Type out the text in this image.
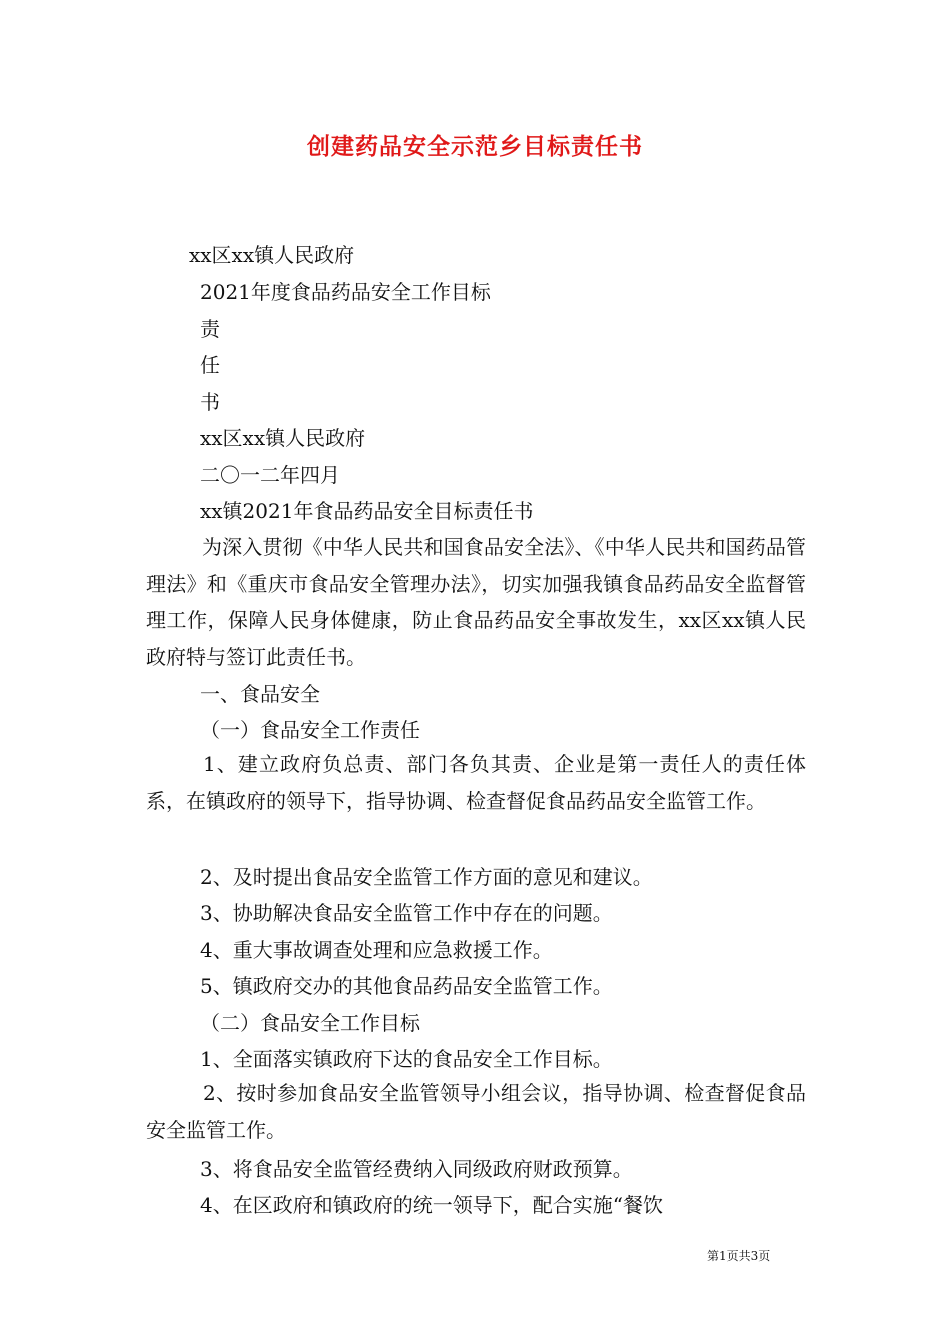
创建药品安全示范乡目标责任书

xx区xx镇人民政府

2021年度食品药品安全工作目标

责

任

书

xx区xx镇人民政府

二〇一二年四月

xx镇2021年食品药品安全目标责任书

为深入贯彻《中华人民共和国食品安全法》、《中华人民共和国药品管理法》和《重庆市食品安全管理办法》，切实加强我镇食品药品安全监督管理工作，保障人民身体健康，防止食品药品安全事故发生，xx区xx镇人民政府特与签订此责任书。

一、食品安全

（一）食品安全工作责任

1、建立政府负总责、部门各负其责、企业是第一责任人的责任体系，在镇政府的领导下，指导协调、检查督促食品药品安全监管工作。

2、及时提出食品安全监管工作方面的意见和建议。

3、协助解决食品安全监管工作中存在的问题。

4、重大事故调查处理和应急救援工作。

5、镇政府交办的其他食品药品安全监管工作。

（二）食品安全工作目标

1、全面落实镇政府下达的食品安全工作目标。

2、按时参加食品安全监管领导小组会议，指导协调、检查督促食品安全监管工作。

3、将食品安全监管经费纳入同级政府财政预算。

4、在区政府和镇政府的统一领导下，配合实施“餐饮

第1页共3页
